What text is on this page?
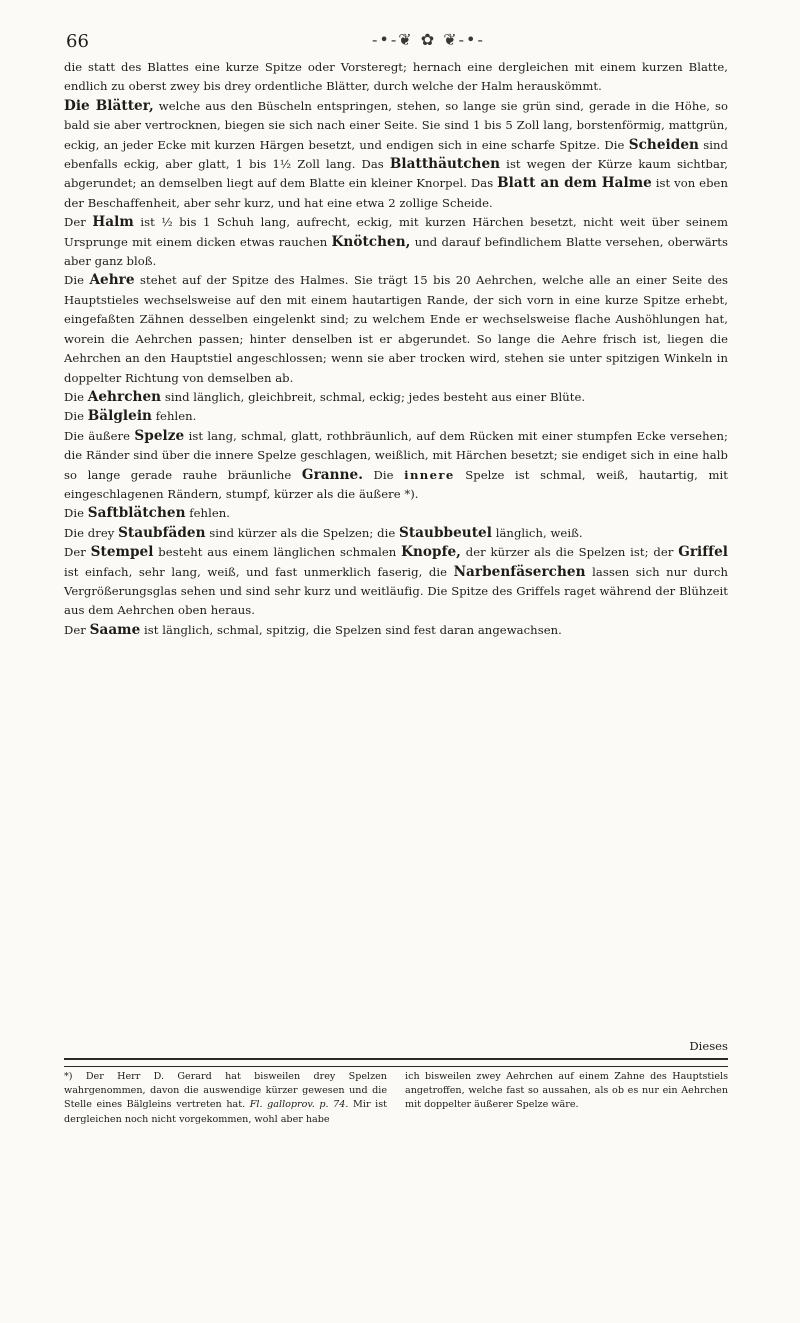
66	-•-❦ ✿ ❦-•-

die statt des Blattes eine kurze Spitze oder Vorsteregt; hernach eine dergleichen mit einem kurzen Blatte, endlich zu oberst zwey bis drey ordentliche Blätter, durch welche der Halm herauskömmt.

Die Blätter, welche aus den Büscheln entspringen, stehen, so lange sie grün sind, gerade in die Höhe, so bald sie aber vertrocknen, biegen sie sich nach einer Seite. Sie sind 1 bis 5 Zoll lang, borstenförmig, mattgrün, eckig, an jeder Ecke mit kurzen Härgen besetzt, und endigen sich in eine scharfe Spitze. Die Scheiden sind ebenfalls eckig, aber glatt, 1 bis 1½ Zoll lang. Das Blatthäutchen ist wegen der Kürze kaum sichtbar, abgerundet; an demselben liegt auf dem Blatte ein kleiner Knorpel. Das Blatt an dem Halme ist von eben der Beschaffenheit, aber sehr kurz, und hat eine etwa 2 zollige Scheide.

Der Halm ist ½ bis 1 Schuh lang, aufrecht, eckig, mit kurzen Härchen besetzt, nicht weit über seinem Ursprunge mit einem dicken etwas rauchen Knötchen, und darauf befindlichem Blatte versehen, oberwärts aber ganz bloß.

Die Aehre stehet auf der Spitze des Halmes. Sie trägt 15 bis 20 Aehrchen, welche alle an einer Seite des Hauptstieles wechselsweise auf den mit einem hautartigen Rande, der sich vorn in eine kurze Spitze erhebt, eingefaßten Zähnen desselben eingelenkt sind; zu welchem Ende er wechselsweise flache Aushöhlungen hat, worein die Aehrchen passen; hinter denselben ist er abgerundet. So lange die Aehre frisch ist, liegen die Aehrchen an den Hauptstiel angeschlossen; wenn sie aber trocken wird, stehen sie unter spitzigen Winkeln in doppelter Richtung von demselben ab.

Die Aehrchen sind länglich, gleichbreit, schmal, eckig; jedes besteht aus einer Blüte.

Die Bälglein fehlen.

Die äußere Spelze ist lang, schmal, glatt, rothbräunlich, auf dem Rücken mit einer stumpfen Ecke versehen; die Ränder sind über die innere Spelze geschlagen, weißlich, mit Härchen besetzt; sie endiget sich in eine halb so lange gerade rauhe bräunliche Granne. Die innere Spelze ist schmal, weiß, hautartig, mit eingeschlagenen Rändern, stumpf, kürzer als die äußere *).

Die Saftblätchen fehlen.

Die drey Staubfäden sind kürzer als die Spelzen; die Staubbeutel länglich, weiß.

Der Stempel besteht aus einem länglichen schmalen Knopfe, der kürzer als die Spelzen ist; der Griffel ist einfach, sehr lang, weiß, und fast unmerklich faserig, die Narbenfäserchen lassen sich nur durch Vergrößerungsglas sehen und sind sehr kurz und weitläufig. Die Spitze des Griffels raget während der Blühzeit aus dem Aehrchen oben heraus.

Der Saame ist länglich, schmal, spitzig, die Spelzen sind fest daran angewachsen.

Dieses
*) Der Herr D. Gerard hat bisweilen drey Spelzen wahrgenommen, davon die auswendige kürzer gewesen und die Stelle eines Bälgleins vertreten hat. Fl. galloprov. p. 74. Mir ist dergleichen noch nicht vorgekommen, wohl aber habe
ich bisweilen zwey Aehrchen auf einem Zahne des Hauptstiels angetroffen, welche fast so aussahen, als ob es nur ein Aehrchen mit doppelter äußerer Spelze wäre.
